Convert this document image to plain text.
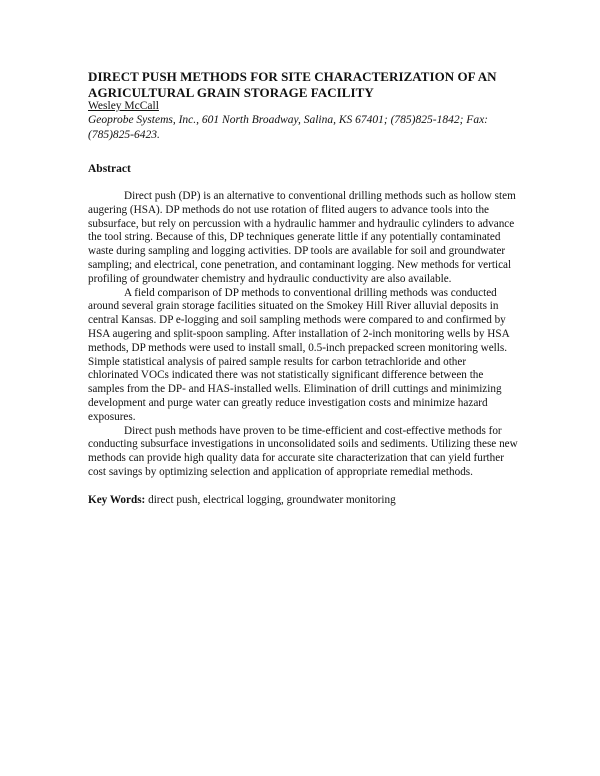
DIRECT PUSH METHODS FOR SITE CHARACTERIZATION OF AN AGRICULTURAL GRAIN STORAGE FACILITY

Wesley McCall

Geoprobe Systems, Inc., 601 North Broadway, Salina, KS 67401; (785)825-1842; Fax: (785)825-6423.

Abstract

Direct push (DP) is an alternative to conventional drilling methods such as hollow stem augering (HSA). DP methods do not use rotation of flited augers to advance tools into the subsurface, but rely on percussion with a hydraulic hammer and hydraulic cylinders to advance the tool string. Because of this, DP techniques generate little if any potentially contaminated waste during sampling and logging activities. DP tools are available for soil and groundwater sampling; and electrical, cone penetration, and contaminant logging. New methods for vertical profiling of groundwater chemistry and hydraulic conductivity are also available.

A field comparison of DP methods to conventional drilling methods was conducted around several grain storage facilities situated on the Smokey Hill River alluvial deposits in central Kansas. DP e-logging and soil sampling methods were compared to and confirmed by HSA augering and split-spoon sampling. After installation of 2-inch monitoring wells by HSA methods, DP methods were used to install small, 0.5-inch prepacked screen monitoring wells. Simple statistical analysis of paired sample results for carbon tetrachloride and other chlorinated VOCs indicated there was not statistically significant difference between the samples from the DP- and HAS-installed wells. Elimination of drill cuttings and minimizing development and purge water can greatly reduce investigation costs and minimize hazard exposures.

Direct push methods have proven to be time-efficient and cost-effective methods for conducting subsurface investigations in unconsolidated soils and sediments. Utilizing these new methods can provide high quality data for accurate site characterization that can yield further cost savings by optimizing selection and application of appropriate remedial methods.

Key Words: direct push, electrical logging, groundwater monitoring
